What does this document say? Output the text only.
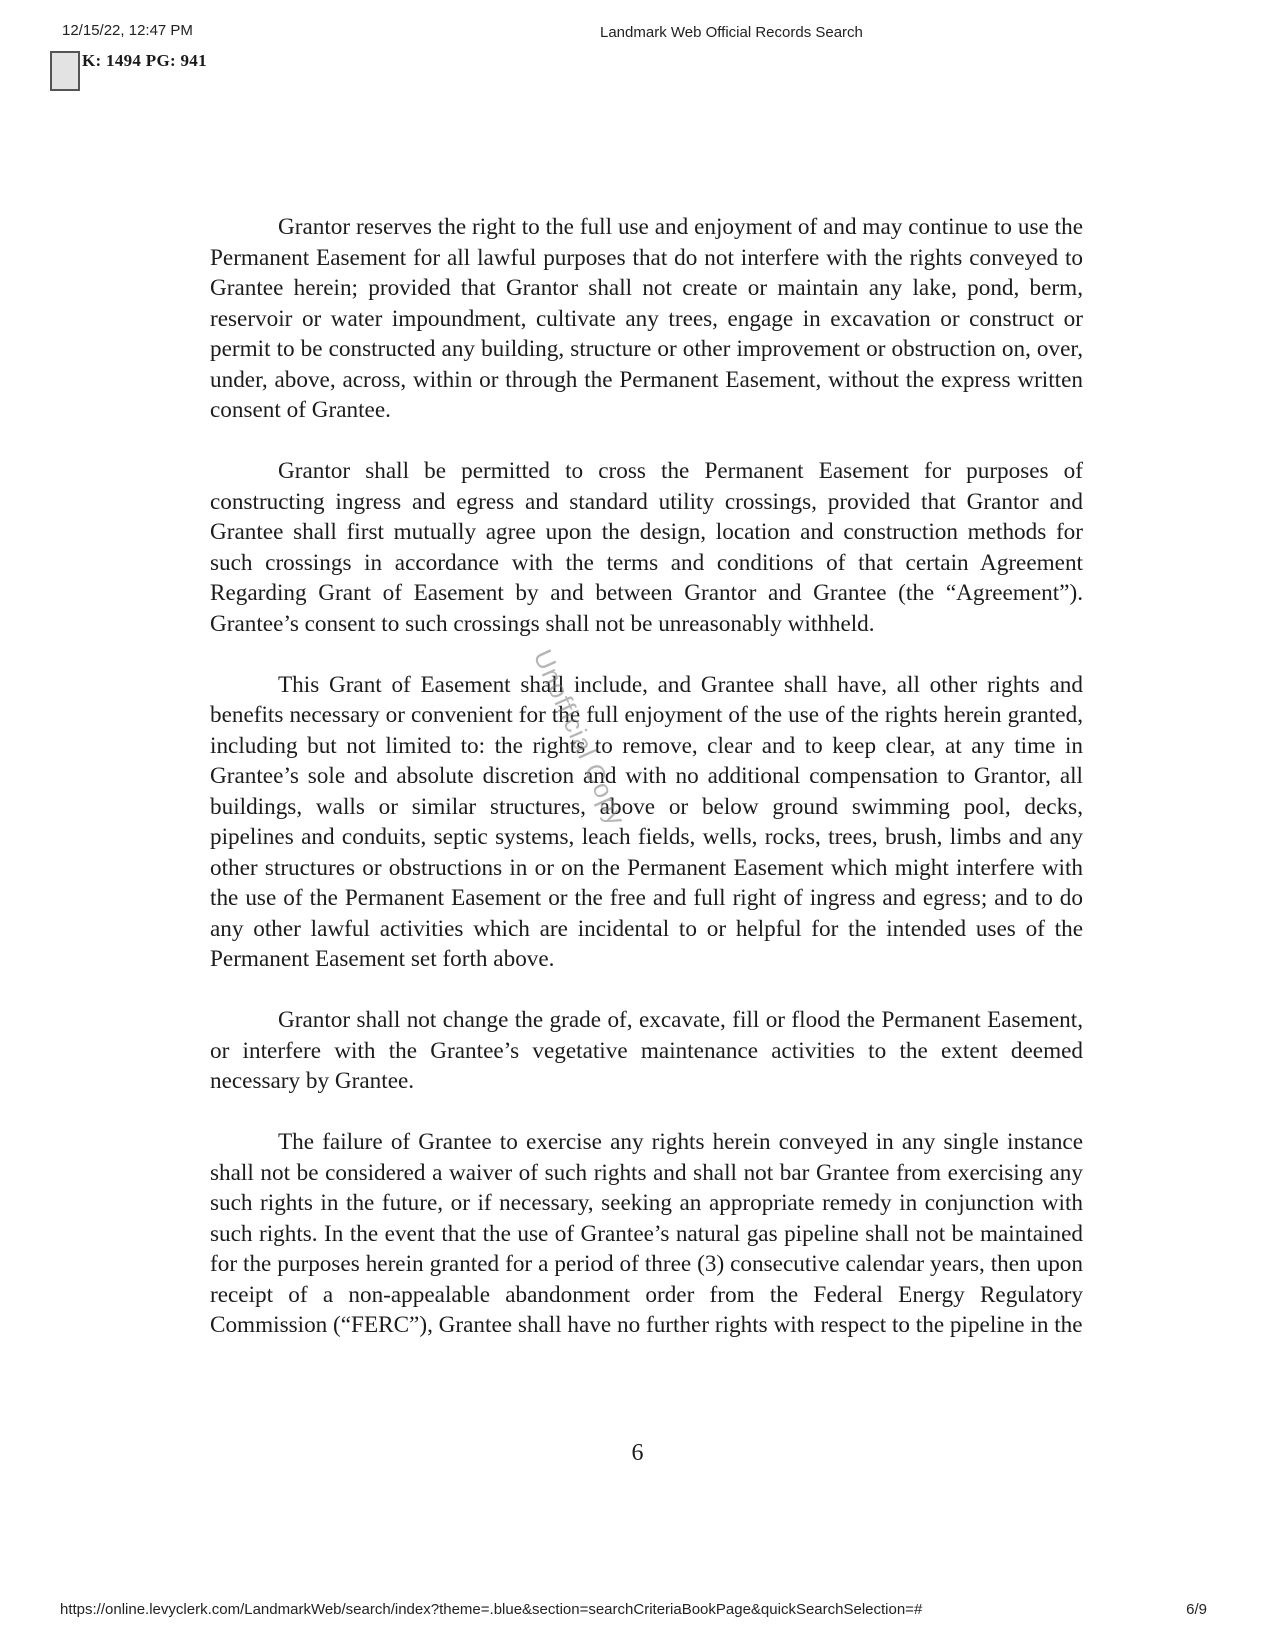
12/15/22, 12:47 PM	Landmark Web Official Records Search
K: 1494 PG: 941

Grantor reserves the right to the full use and enjoyment of and may continue to use the Permanent Easement for all lawful purposes that do not interfere with the rights conveyed to Grantee herein; provided that Grantor shall not create or maintain any lake, pond, berm, reservoir or water impoundment, cultivate any trees, engage in excavation or construct or permit to be constructed any building, structure or other improvement or obstruction on, over, under, above, across, within or through the Permanent Easement, without the express written consent of Grantee.

Grantor shall be permitted to cross the Permanent Easement for purposes of constructing ingress and egress and standard utility crossings, provided that Grantor and Grantee shall first mutually agree upon the design, location and construction methods for such crossings in accordance with the terms and conditions of that certain Agreement Regarding Grant of Easement by and between Grantor and Grantee (the “Agreement”). Grantee’s consent to such crossings shall not be unreasonably withheld.

This Grant of Easement shall include, and Grantee shall have, all other rights and benefits necessary or convenient for the full enjoyment of the use of the rights herein granted, including but not limited to: the rights to remove, clear and to keep clear, at any time in Grantee’s sole and absolute discretion and with no additional compensation to Grantor, all buildings, walls or similar structures, above or below ground swimming pool, decks, pipelines and conduits, septic systems, leach fields, wells, rocks, trees, brush, limbs and any other structures or obstructions in or on the Permanent Easement which might interfere with the use of the Permanent Easement or the free and full right of ingress and egress; and to do any other lawful activities which are incidental to or helpful for the intended uses of the Permanent Easement set forth above.

Grantor shall not change the grade of, excavate, fill or flood the Permanent Easement, or interfere with the Grantee’s vegetative maintenance activities to the extent deemed necessary by Grantee.

The failure of Grantee to exercise any rights herein conveyed in any single instance shall not be considered a waiver of such rights and shall not bar Grantee from exercising any such rights in the future, or if necessary, seeking an appropriate remedy in conjunction with such rights. In the event that the use of Grantee’s natural gas pipeline shall not be maintained for the purposes herein granted for a period of three (3) consecutive calendar years, then upon receipt of a non-appealable abandonment order from the Federal Energy Regulatory Commission (“FERC”), Grantee shall have no further rights with respect to the pipeline in the

Unofficial Copy
6
https://online.levyclerk.com/LandmarkWeb/search/index?theme=.blue&section=searchCriteriaBookPage&quickSearchSelection=#	6/9
